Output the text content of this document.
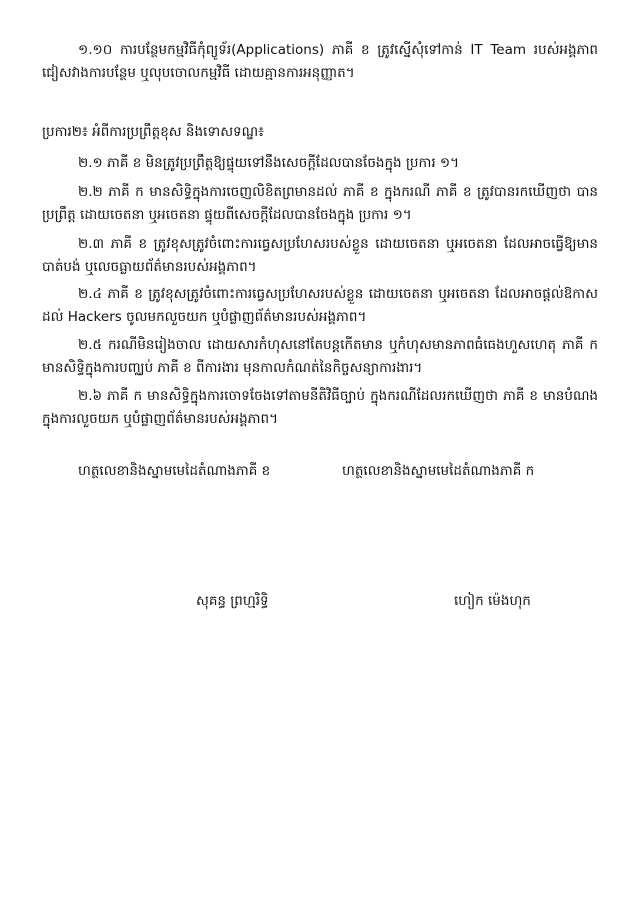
១.១០ ការបន្ថែមកម្មវិធីកុំព្យូទ័រ(Applications) ភាគី ខ ត្រូវស្នើសុំទៅកាន់ IT Team របស់អង្គភាព ជៀសវាងការបន្ថែម ឬលុបចោលកម្មវិធី ដោយគ្មានការអនុញ្ញាត។

ប្រការ២៖ អំពីការប្រព្រឹត្តខុស និងទោសទណ្ឌ៖

២.១ ភាគី ខ មិនត្រូវប្រព្រឹត្តឱ្យផ្ទុយទៅនឹងសេចក្តីដែលបានចែងក្នុង ប្រការ ១។

២.២ ភាគី ក មានសិទ្ធិក្នុងការចេញលិខិតព្រមានដល់ ភាគី ខ ក្នុងករណី ភាគី ខ ត្រូវបានរកឃើញថា បានប្រព្រឹត្ត ដោយចេតនា ឬអចេតនា ផ្ទុយពីសេចក្តីដែលបានចែងក្នុង ប្រការ ១។

២.៣ ភាគី ខ ត្រូវខុសត្រូវចំពោះការធ្វេសប្រហែសរបស់ខ្លួន ដោយចេតនា ឬអចេតនា ដែលអាចធ្វើឱ្យមានបាត់បង់ ឬលេចធ្លាយព័ត៌មានរបស់អង្គភាព។

២.៤ ភាគី ខ ត្រូវខុសត្រូវចំពោះការធ្វេសប្រហែសរបស់ខ្លួន ដោយចេតនា ឬអចេតនា ដែលអាចផ្តល់ឱកាស ដល់ Hackers ចូលមកលួចយក ឬបំផ្លាញព័ត៌មានរបស់អង្គភាព។

២.៥ ករណីមិនរៀងចាល ដោយសារកំហុសនៅតែបន្តកើតមាន ឬកំហុសមានភាពធំធេងហួសហេតុ ភាគី ក មានសិទ្ធិក្នុងការបញ្ឈប់ ភាគី ខ ពីការងារ មុនកាលកំណត់នៃកិច្ចសន្យាការងារ។

២.៦ ភាគី ក មានសិទ្ធិក្នុងការចោទចែងទៅតាមនីតិវិធីច្បាប់ ក្នុងករណីដែលរកឃើញថា ភាគី ខ មានបំណង ក្នុងការលួចយក ឬបំផ្លាញព័ត៌មានរបស់អង្គភាព។

ហត្ថលេខានិងស្នាមមេដៃតំណាងភាគី ខ	ហត្ថលេខានិងស្នាមមេដៃតំណាងភាគី ក
សុគន្ធ ព្រហ្មរិទ្ធិ	ហៀក ម៉េងហុក
